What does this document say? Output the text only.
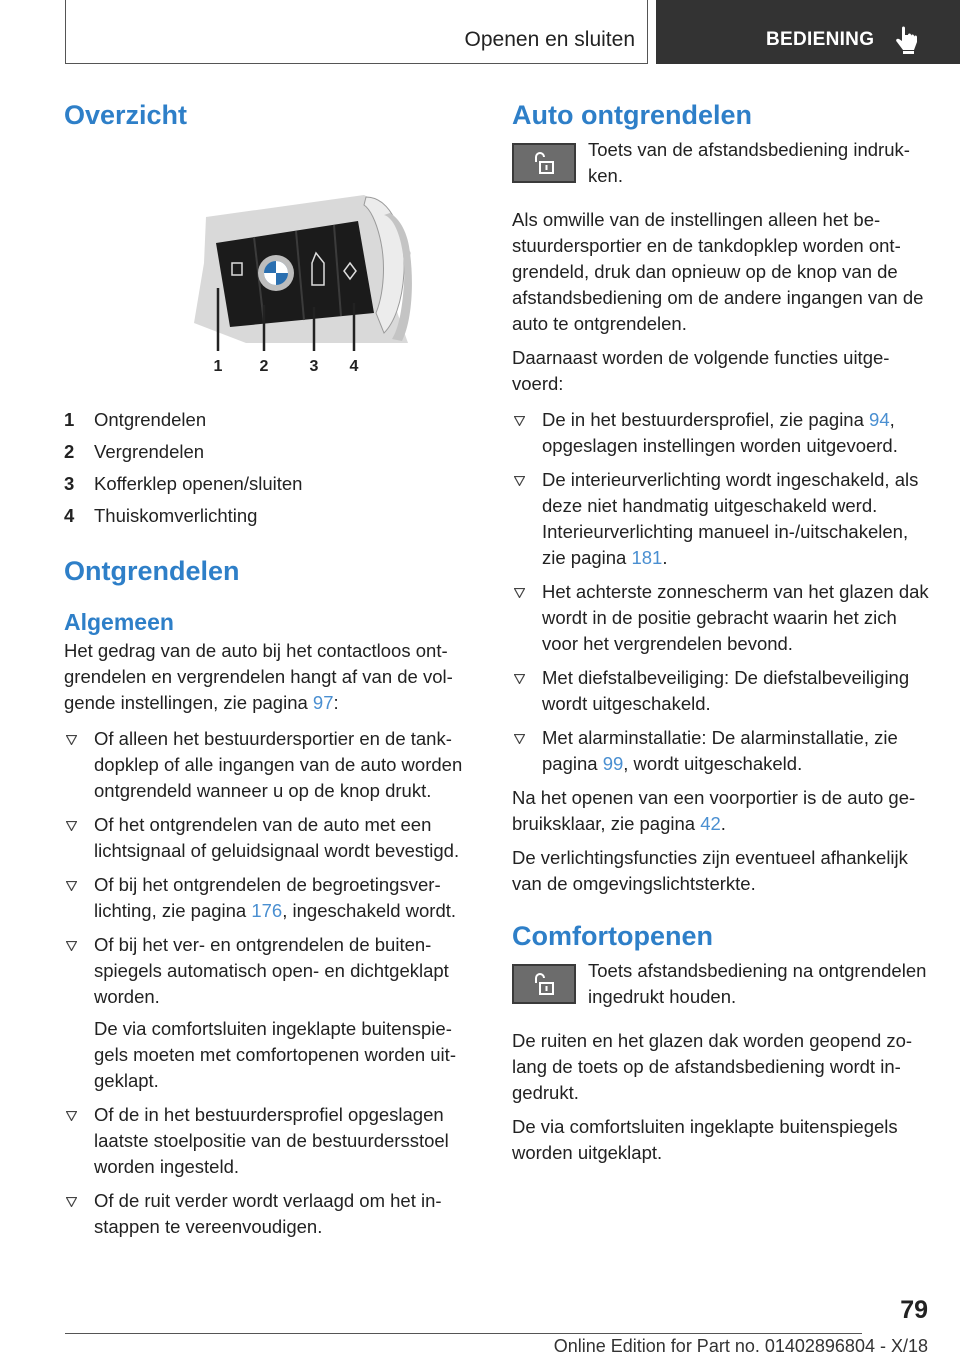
Openen en sluiten	BEDIENING
Overzicht
1 2	3 4
1	Ontgrendelen
2	Vergrendelen
3	Kofferklep openen/sluiten
4	Thuiskomverlichting
Ontgrendelen
Algemeen

Het gedrag van de auto bij het contactloos ontgrendelen en vergrendelen hangt af van de volgende instellingen, zie pagina 97:

Of alleen het bestuurdersportier en de tankdopklep of alle ingangen van de auto worden ontgrendeld wanneer u op de knop drukt.
Of het ontgrendelen van de auto met een lichtsignaal of geluidsignaal wordt bevestigd.
Of bij het ontgrendelen de begroetingsverlichting, zie pagina 176, ingeschakeld wordt.
Of bij het ver- en ontgrendelen de buitenspiegels automatisch open- en dichtgeklapt worden.
De via comfortsluiten ingeklapte buitenspiegels moeten met comfortopenen worden uitgeklapt.
Of de in het bestuurdersprofiel opgeslagen laatste stoelpositie van de bestuurdersstoel worden ingesteld.
Of de ruit verder wordt verlaagd om het instappen te vereenvoudigen.
Auto ontgrendelen
Toets van de afstandsbediening indrukken.

Als omwille van de instellingen alleen het bestuurdersportier en de tankdopklep worden ontgrendeld, druk dan opnieuw op de knop van de afstandsbediening om de andere ingangen van de auto te ontgrendelen.

Daarnaast worden de volgende functies uitgevoerd:

De in het bestuurdersprofiel, zie pagina 94, opgeslagen instellingen worden uitgevoerd.
De interieurverlichting wordt ingeschakeld, als deze niet handmatig uitgeschakeld werd. Interieurverlichting manueel in-/uitschakelen, zie pagina 181.
Het achterste zonnescherm van het glazen dak wordt in de positie gebracht waarin het zich voor het vergrendelen bevond.
Met diefstalbeveiliging: De diefstalbeveiliging wordt uitgeschakeld.
Met alarminstallatie: De alarminstallatie, zie pagina 99, wordt uitgeschakeld.

Na het openen van een voorportier is de auto gebruiksklaar, zie pagina 42.

De verlichtingsfuncties zijn eventueel afhankelijk van de omgevingslichtsterkte.

Comfortopenen
Toets afstandsbediening na ontgrendelen ingedrukt houden.

De ruiten en het glazen dak worden geopend zolang de toets op de afstandsbediening wordt ingedrukt.

De via comfortsluiten ingeklapte buitenspiegels worden uitgeklapt.

79
Online Edition for Part no. 01402896804 - X/18
